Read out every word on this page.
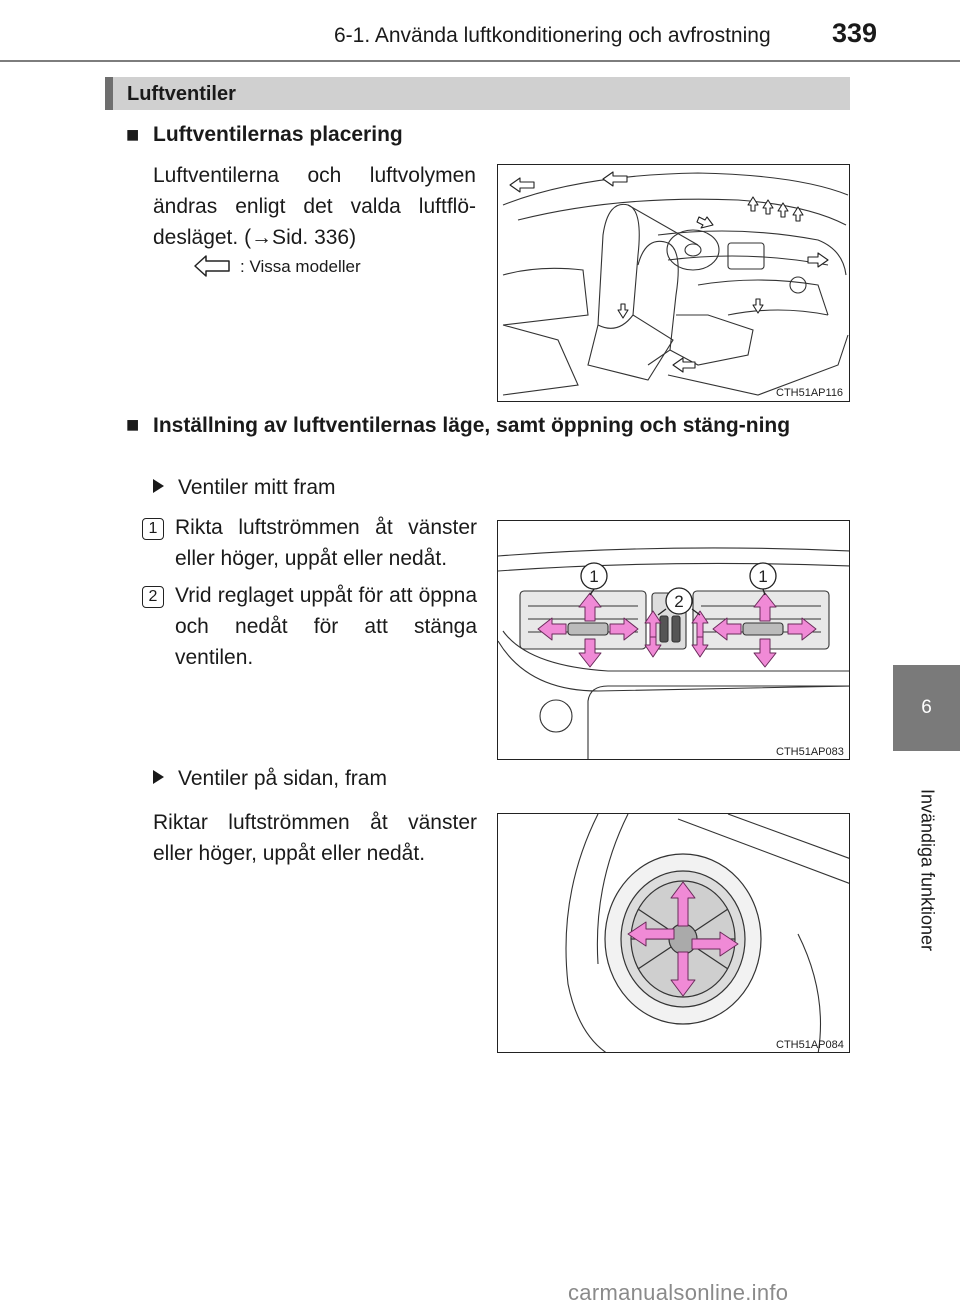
6-1. Använda luftkonditionering och avfrostning 339
6
Invändiga funktioner
Luftventiler
■ Luftventilernas placering
Luftventilerna och luftvolymen ändras enligt det valda luftflö-desläget. (→Sid. 336)
: Vissa modeller
CTH51AP116
■ Inställning av luftventilernas läge, samt öppning och stäng-ning
Ventiler mitt fram
1 Rikta luftströmmen åt vänster eller höger, uppåt eller nedåt.
2 Vrid reglaget uppåt för att öppna och nedåt för att stänga ventilen.
1	1
2
CTH51AP083
Ventiler på sidan, fram
Riktar luftströmmen åt vänster eller höger, uppåt eller nedåt.
CTH51AP084
carmanualsonline.info
